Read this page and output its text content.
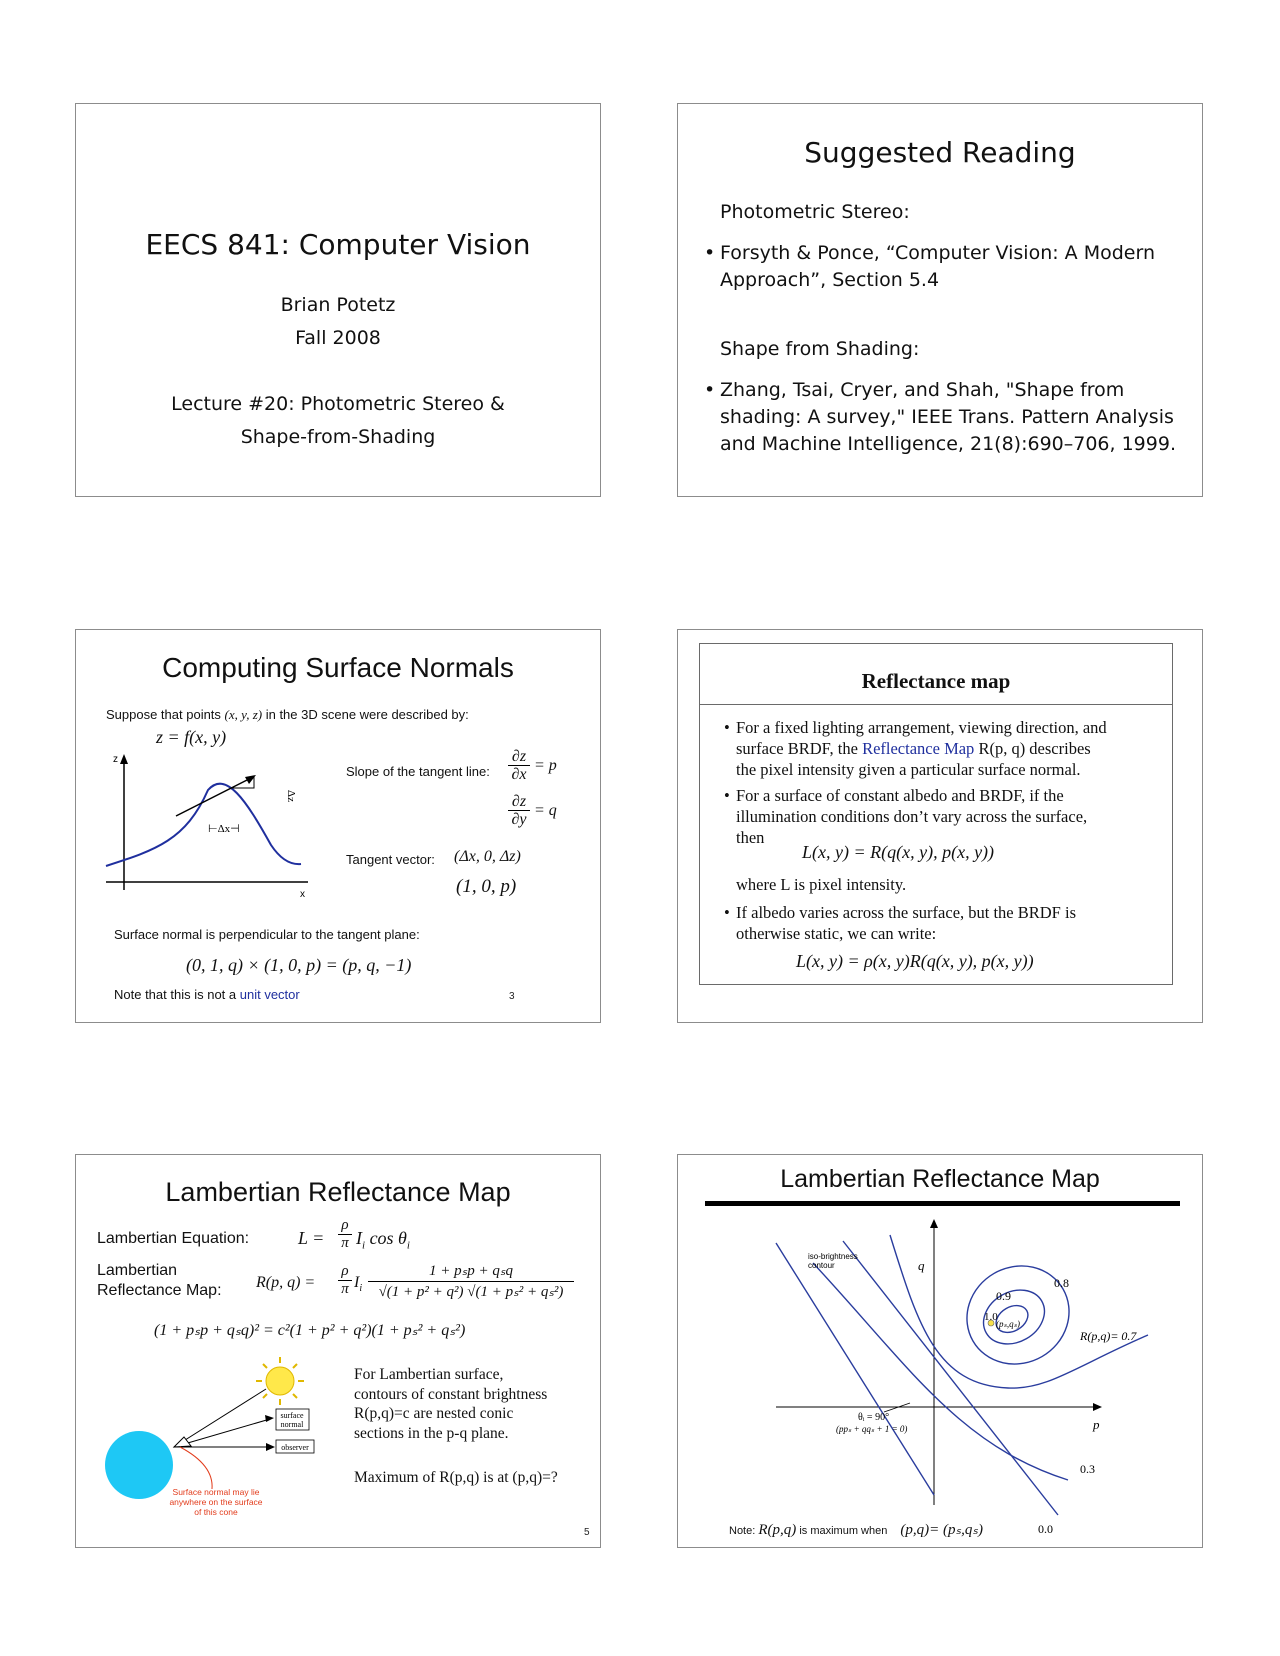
EECS 841: Computer Vision
Brian Potetz
Fall 2008
Lecture #20: Photometric Stereo &
Shape-from-Shading
Suggested Reading
Photometric Stereo:
• Forsyth & Ponce, “Computer Vision: A Modern
Approach”, Section 5.4
Shape from Shading:
• Zhang, Tsai, Cryer, and Shah, "Shape from
shading: A survey," IEEE Trans. Pattern Analysis
and Machine Intelligence, 21(8):690–706, 1999.
Computing Surface Normals
Suppose that points (x, y, z) in the 3D scene were described by:
z = f(x, y)
z
x
⊢Δx⊣
Δz
Slope of the tangent line: $\frac{\partial z}{\partial x} = p$
$\frac{\partial z}{\partial y} = q$
Tangent vector: (Δx, 0, Δz)
(1, 0, p)
Surface normal is perpendicular to the tangent plane:
(0, 1, q) × (1, 0, p) = (p, q, −1)
Note that this is not a unit vector	3
Reflectance map
• For a fixed lighting arrangement, viewing direction, and
surface BRDF, the Reflectance Map R(p, q) describes
the pixel intensity given a particular surface normal.
• For a surface of constant albedo and BRDF, if the
illumination conditions don’t vary across the surface,
then
L(x, y) = R(q(x, y), p(x, y))
where L is pixel intensity.
• If albedo varies across the surface, but the BRDF is
otherwise static, we can write:
L(x, y) = ρ(x, y)R(q(x, y), p(x, y))
Lambertian Reflectance Map
Lambertian Equation:	$L = \frac{\rho}{\pi} I_i$ $\cos \theta_i$
Lambertian
Reflectance Map: R(p, $q) = \frac{\rho}{\pi} I_i$
1 + pₛp + qₛq
√(1 + p² + q²) √(1 + pₛ² + qₛ²)
(1 + pₛp + qₛq)² = c²(1 + p² + q²)(1 + pₛ² + qₛ²)
surface
normal
observer
Surface normal may lie
anywhere on the surface
of this cone
For Lambertian surface,
contours of constant brightness
R(p,q)=c are nested conic
sections in the p-q plane.
Maximum of R(p,q) is at (p,q)=?
5
Lambertian Reflectance Map
iso-brightness
contour	q
p
0.9
0.8
1.0
(pₛ,qₛ)
R(p,q)= 0.7
0.3
0.0
θᵢ = 90°
(ppₛ + qqₛ + 1 = 0)
Note: R(p,q) is maximum when (p,q)= (pₛ,qₛ)
